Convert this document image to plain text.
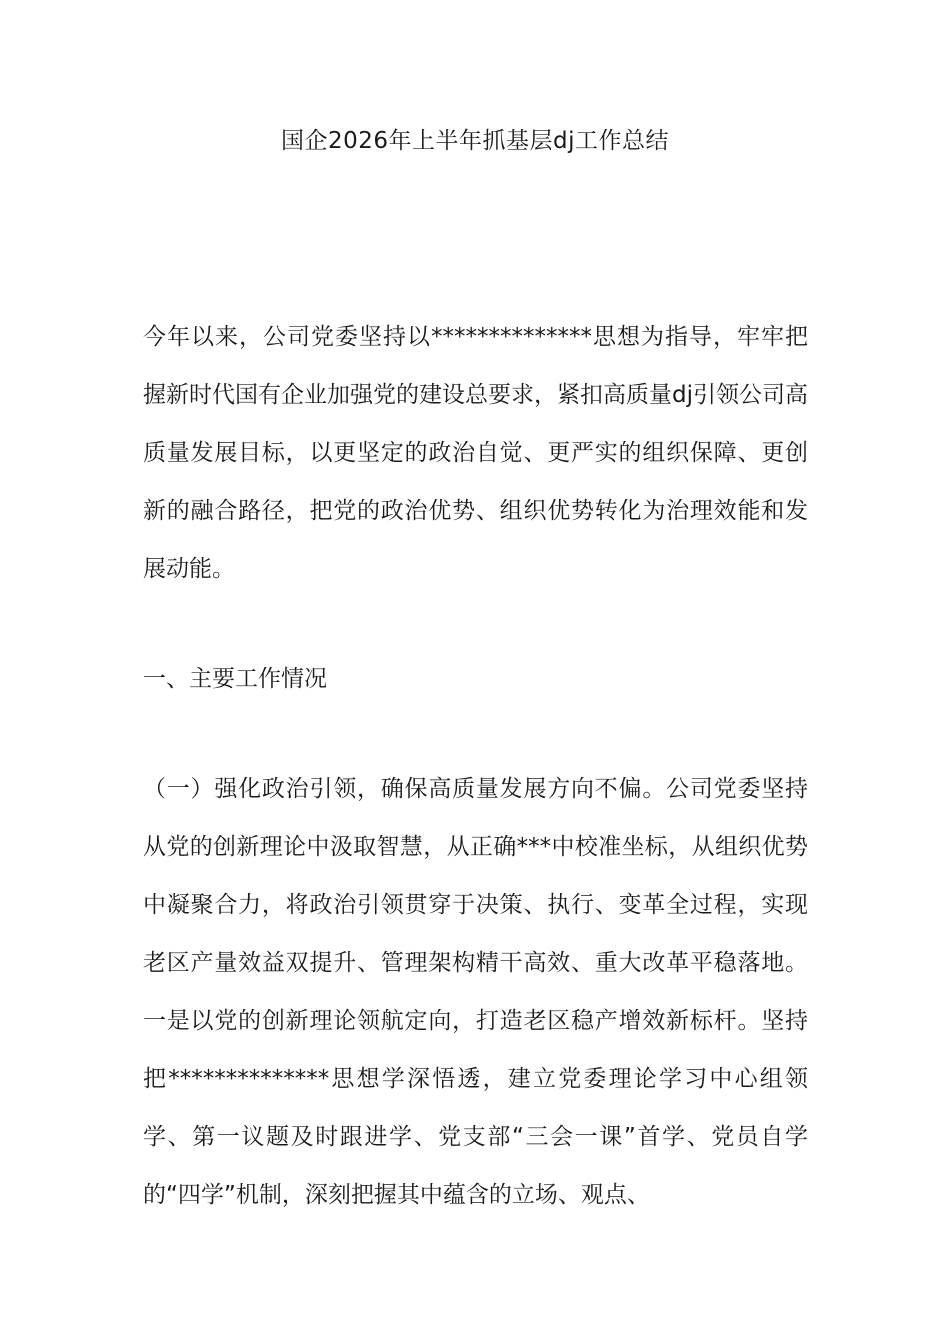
国企2026年上半年抓基层dj工作总结

今年以来，公司党委坚持以**************思想为指导，牢牢把握新时代国有企业加强党的建设总要求，紧扣高质量dj引领公司高质量发展目标，以更坚定的政治自觉、更严实的组织保障、更创新的融合路径，把党的政治优势、组织优势转化为治理效能和发展动能。

一、主要工作情况

（一）强化政治引领，确保高质量发展方向不偏。公司党委坚持从党的创新理论中汲取智慧，从正确***中校准坐标，从组织优势中凝聚合力，将政治引领贯穿于决策、执行、变革全过程，实现老区产量效益双提升、管理架构精干高效、重大改革平稳落地。一是以党的创新理论领航定向，打造老区稳产增效新标杆。坚持把**************思想学深悟透，建立党委理论学习中心组领学、第一议题及时跟进学、党支部“三会一课”首学、党员自学的“四学”机制，深刻把握其中蕴含的立场、观点、
